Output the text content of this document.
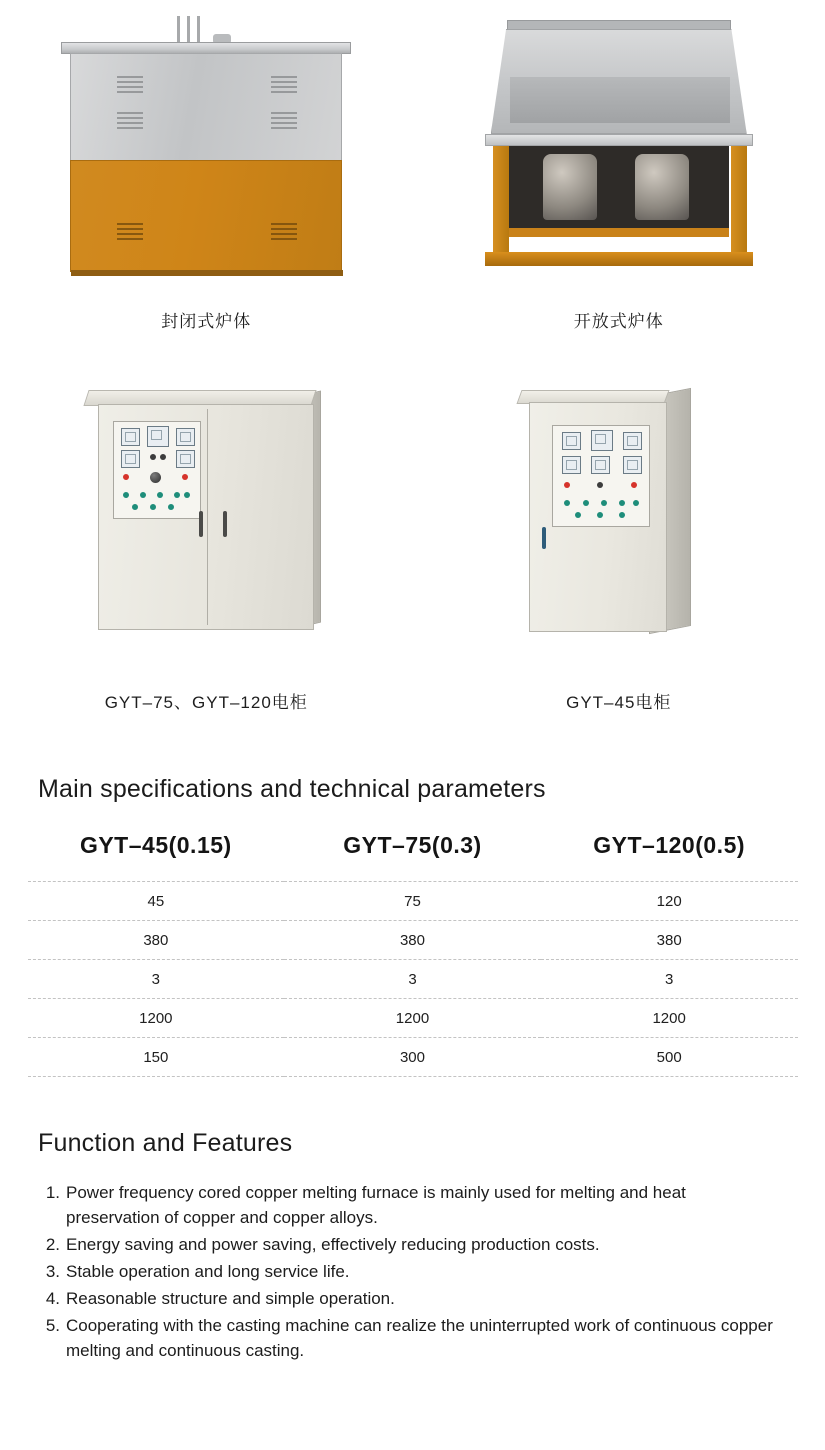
封闭式炉体	开放式炉体
GYT–75、GYT–120电柜	GYT–45电柜
Main specifications and technical parameters
GYT–45(0.15)	GYT–75(0.3)	GYT–120(0.5)
45	75	120
380	380	380
3	3	3
1200	1200	1200
150	300	500
Function and Features
1. Power frequency cored copper melting furnace is mainly used for melting and heat preservation of copper and copper alloys.
2. Energy saving and power saving, effectively reducing production costs.
3. Stable operation and long service life.
4. Reasonable structure and simple operation.
5. Cooperating with the casting machine can realize the uninterrupted work of continuous copper melting and continuous casting.
